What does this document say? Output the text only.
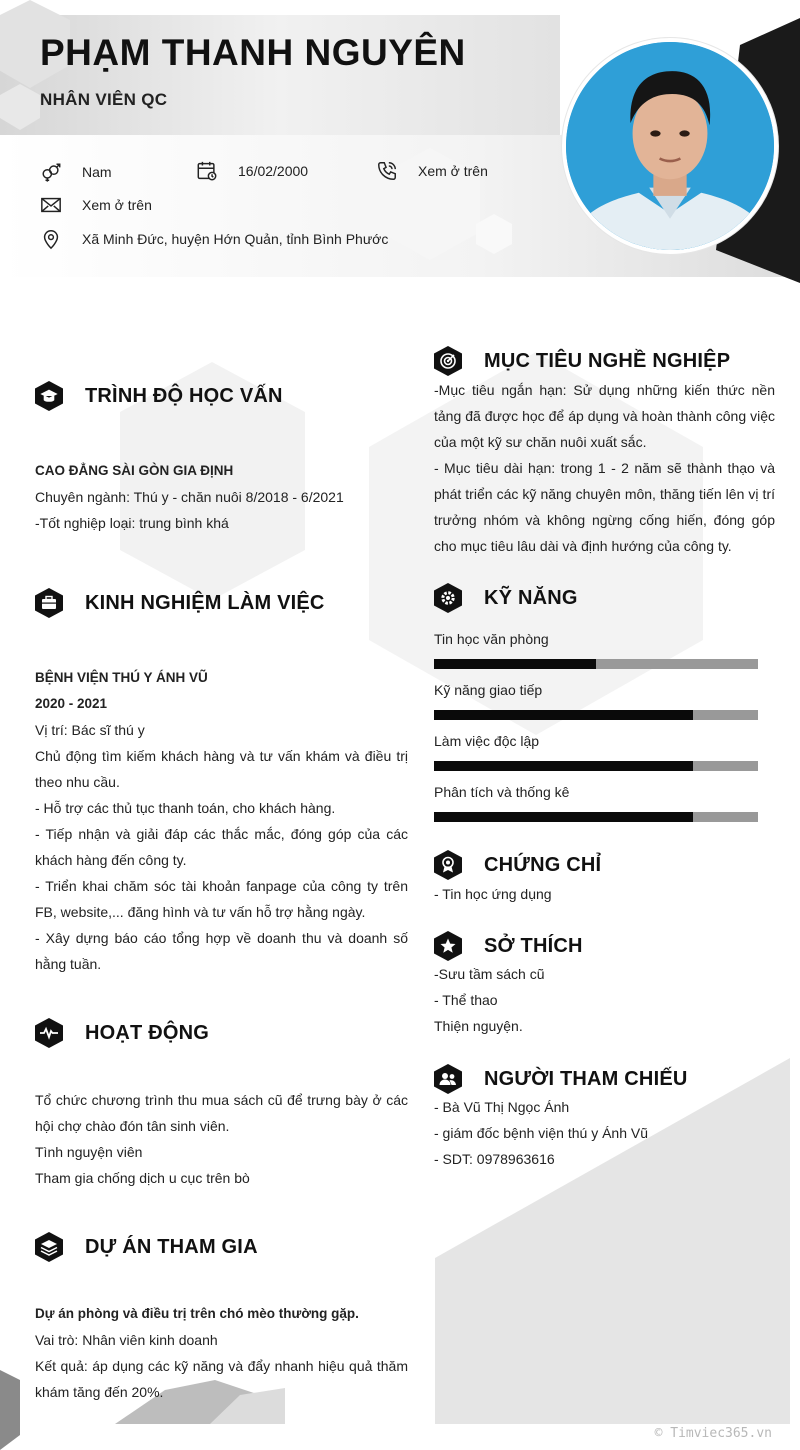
PHẠM THANH NGUYÊN
NHÂN VIÊN QC
Nam	16/02/2000	Xem ở trên
Xem ở trên
Xã Minh Đức, huyện Hớn Quản, tỉnh Bình Phước
TRÌNH ĐỘ HỌC VẤN

CAO ĐẲNG SÀI GÒN GIA ĐỊNH

Chuyên ngành: Thú y - chăn nuôi 8/2018 - 6/2021

-Tốt nghiệp loại: trung bình khá

KINH NGHIỆM LÀM VIỆC

BỆNH VIỆN THÚ Y ÁNH VŨ

2020 - 2021

Vị trí: Bác sĩ thú y

Chủ động tìm kiếm khách hàng và tư vấn khám và điều trị theo nhu cầu.

- Hỗ trợ các thủ tục thanh toán, cho khách hàng.

- Tiếp nhận và giải đáp các thắc mắc, đóng góp của các khách hàng đến công ty.

- Triển khai chăm sóc tài khoản fanpage của công ty trên FB, website,... đăng hình và tư vấn hỗ trợ hằng ngày.

- Xây dựng báo cáo tổng hợp về doanh thu và doanh số hằng tuần.

HOẠT ĐỘNG

Tổ chức chương trình thu mua sách cũ để trưng bày ở các hội chợ chào đón tân sinh viên.

Tình nguyện viên

Tham gia chống dịch u cục trên bò

DỰ ÁN THAM GIA

Dự án phòng và điều trị trên chó mèo thường gặp.

Vai trò: Nhân viên kinh doanh

Kết quả: áp dụng các kỹ năng và đẩy nhanh hiệu quả thăm khám tăng đến 20%.

MỤC TIÊU NGHỀ NGHIỆP

-Mục tiêu ngắn hạn: Sử dụng những kiến thức nền tảng đã được học để áp dụng và hoàn thành công việc của một kỹ sư chăn nuôi xuất sắc.

- Mục tiêu dài hạn: trong 1 - 2 năm sẽ thành thạo và phát triển các kỹ năng chuyên môn, thăng tiến lên vị trí trưởng nhóm và không ngừng cống hiến, đóng góp cho mục tiêu lâu dài và định hướng của công ty.

KỸ NĂNG
Tin học văn phòng
Kỹ năng giao tiếp
Làm việc độc lập
Phân tích và thống kê
CHỨNG CHỈ

- Tin học ứng dụng

SỞ THÍCH

-Sưu tầm sách cũ

- Thể thao

Thiện nguyện.

NGƯỜI THAM CHIẾU

- Bà Vũ Thị Ngọc Ánh

- giám đốc bệnh viện thú y Ánh Vũ

- SDT: 0978963616

© Timviec365.vn
